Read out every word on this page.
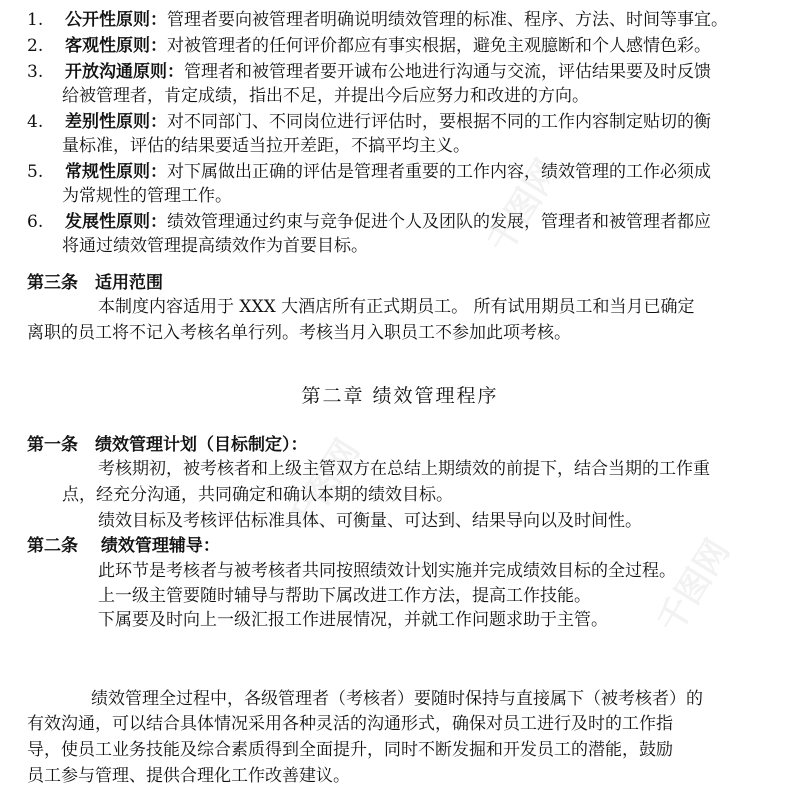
千图网
千图网
千图网
1. 公开性原则：管理者要向被管理者明确说明绩效管理的标准、程序、方法、时间等事宜。
2. 客观性原则：对被管理者的任何评价都应有事实根据，避免主观臆断和个人感情色彩。
3. 开放沟通原则：管理者和被管理者要开诚布公地进行沟通与交流，评估结果要及时反馈
给被管理者，肯定成绩，指出不足，并提出今后应努力和改进的方向。
4. 差别性原则：对不同部门、不同岗位进行评估时，要根据不同的工作内容制定贴切的衡
量标准，评估的结果要适当拉开差距，不搞平均主义。
5. 常规性原则：对下属做出正确的评估是管理者重要的工作内容，绩效管理的工作必须成
为常规性的管理工作。
6. 发展性原则：绩效管理通过约束与竞争促进个人及团队的发展，管理者和被管理者都应
将通过绩效管理提高绩效作为首要目标。
第三条　适用范围
本制度内容适用于 XXX 大酒店所有正式期员工。 所有试用期员工和当月已确定
离职的员工将不记入考核名单行列。考核当月入职员工不参加此项考核。
第二章 绩效管理程序
第一条　绩效管理计划（目标制定）：
考核期初，被考核者和上级主管双方在总结上期绩效的前提下，结合当期的工作重
点，经充分沟通，共同确定和确认本期的绩效目标。
绩效目标及考核评估标准具体、可衡量、可达到、结果导向以及时间性。
第二条　 绩效管理辅导：
此环节是考核者与被考核者共同按照绩效计划实施并完成绩效目标的全过程。
上一级主管要随时辅导与帮助下属改进工作方法，提高工作技能。
下属要及时向上一级汇报工作进展情况，并就工作问题求助于主管。
绩效管理全过程中，各级管理者（考核者）要随时保持与直接属下（被考核者）的
有效沟通，可以结合具体情况采用各种灵活的沟通形式，确保对员工进行及时的工作指
导，使员工业务技能及综合素质得到全面提升，同时不断发掘和开发员工的潜能，鼓励
员工参与管理、提供合理化工作改善建议。
